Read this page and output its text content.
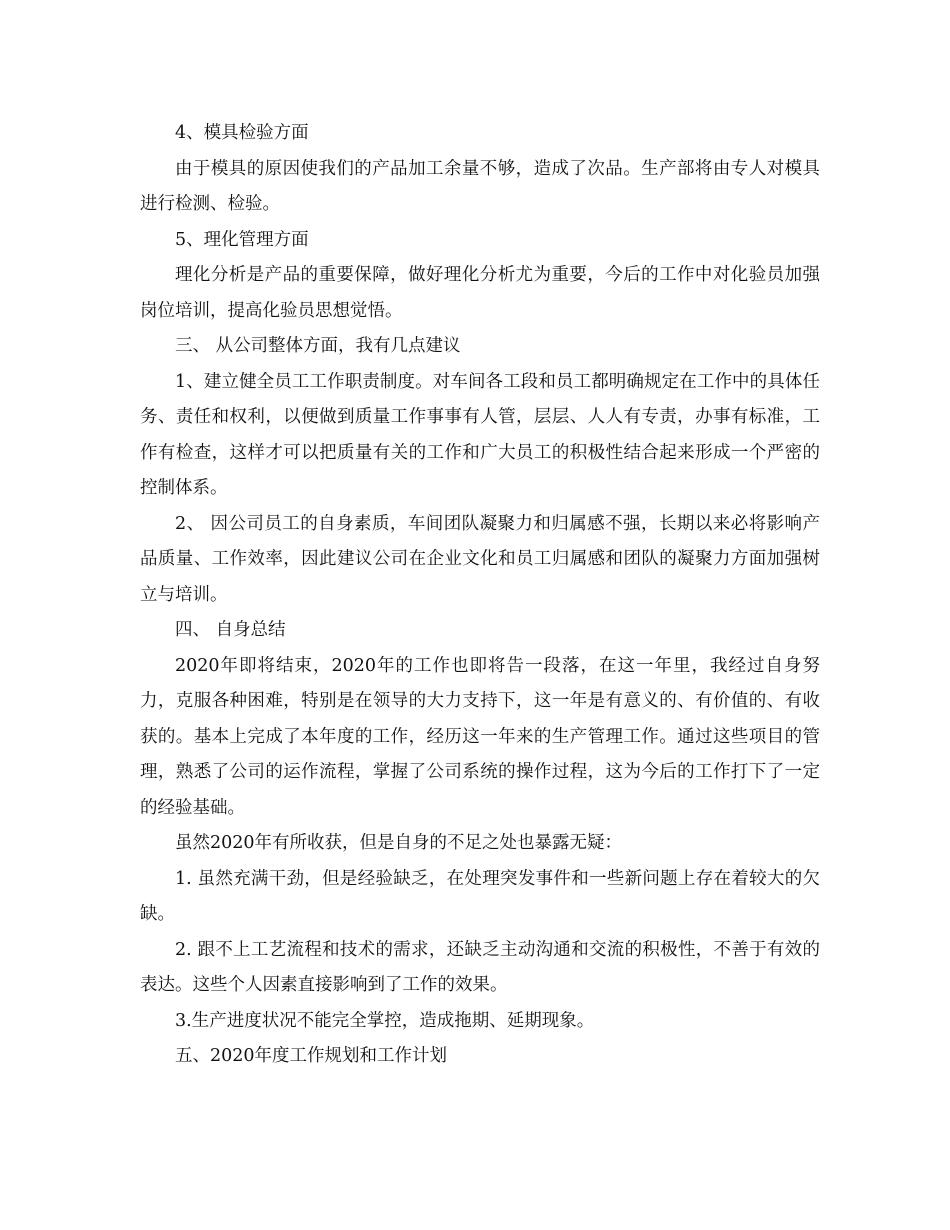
4、模具检验方面

由于模具的原因使我们的产品加工余量不够，造成了次品。生产部将由专人对模具进行检测、检验。

5、理化管理方面

理化分析是产品的重要保障，做好理化分析尤为重要，今后的工作中对化验员加强岗位培训，提高化验员思想觉悟。

三、 从公司整体方面，我有几点建议

1、建立健全员工工作职责制度。对车间各工段和员工都明确规定在工作中的具体任务、责任和权利，以便做到质量工作事事有人管，层层、人人有专责，办事有标准，工作有检查，这样才可以把质量有关的工作和广大员工的积极性结合起来形成一个严密的控制体系。

2、 因公司员工的自身素质，车间团队凝聚力和归属感不强，长期以来必将影响产品质量、工作效率，因此建议公司在企业文化和员工归属感和团队的凝聚力方面加强树立与培训。

四、 自身总结

2020年即将结束，2020年的工作也即将告一段落，在这一年里，我经过自身努力，克服各种困难，特别是在领导的大力支持下，这一年是有意义的、有价值的、有收获的。基本上完成了本年度的工作，经历这一年来的生产管理工作。通过这些项目的管理，熟悉了公司的运作流程，掌握了公司系统的操作过程，这为今后的工作打下了一定的经验基础。

虽然2020年有所收获，但是自身的不足之处也暴露无疑：

1. 虽然充满干劲，但是经验缺乏，在处理突发事件和一些新问题上存在着较大的欠缺。

2. 跟不上工艺流程和技术的需求，还缺乏主动沟通和交流的积极性，不善于有效的表达。这些个人因素直接影响到了工作的效果。

3.生产进度状况不能完全掌控，造成拖期、延期现象。

五、2020年度工作规划和工作计划
